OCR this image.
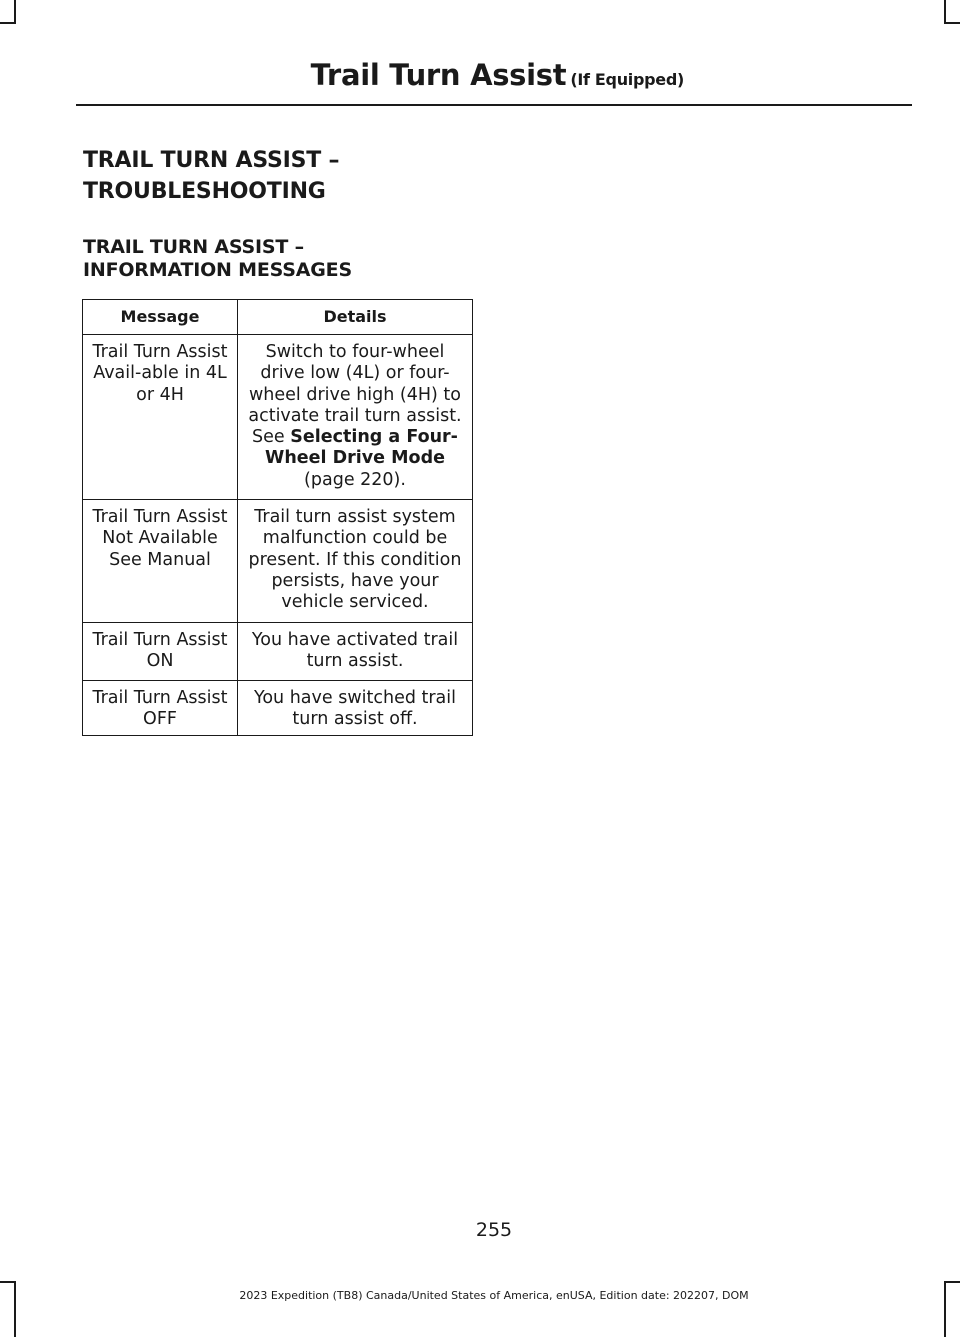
Trail Turn Assist (If Equipped)
TRAIL TURN ASSIST –
TROUBLESHOOTING
TRAIL TURN ASSIST –
INFORMATION MESSAGES
Message	Details
Trail Turn Assist Avail-able in 4L or 4H	Switch to four-wheel drive low (4L) or four-wheel drive high (4H) to activate trail turn assist. See Selecting a Four-Wheel Drive Mode (page 220).
Trail Turn Assist Not Available See Manual	Trail turn assist system malfunction could be present. If this condition persists, have your vehicle serviced.
Trail Turn Assist ON	You have activated trail turn assist.
Trail Turn Assist OFF	You have switched trail turn assist off.
255
2023 Expedition (TB8) Canada/United States of America, enUSA, Edition date: 202207, DOM
